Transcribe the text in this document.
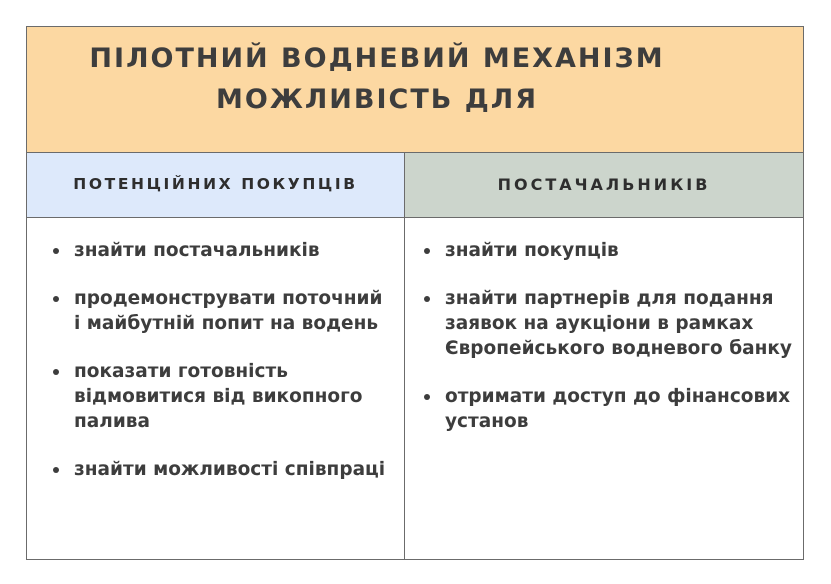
ПІЛОТНИЙ ВОДНЕВИЙ МЕХАНІЗМ
МОЖЛИВІСТЬ ДЛЯ
ПОТЕНЦІЙНИХ ПОКУПЦІВ	ПОСТАЧАЛЬНИКІВ
знайти постачальників
продемонструвати поточний і майбутній попит на водень
показати готовність відмовитися від викопного палива
знайти можливості співпраці
знайти покупців
знайти партнерів для подання заявок на аукціони в рамках Європейського водневого банку
отримати доступ до фінансових установ
